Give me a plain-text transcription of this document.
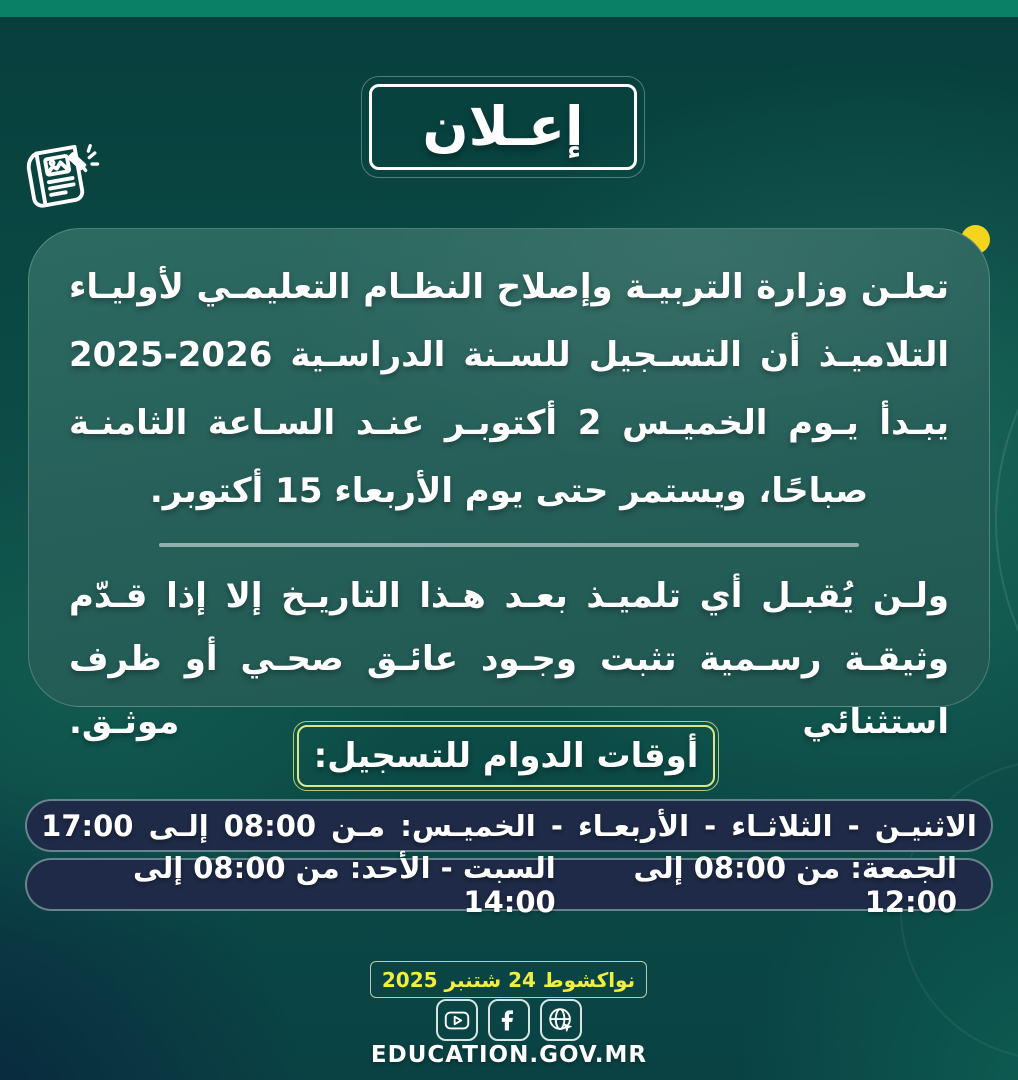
إعـلان

تعلـن وزارة التربيـة وإصلاح النظـام التعليمـي لأوليـاء التلاميـذ أن التسـجيل للسـنة الدراسـية 2026-2025 يبـدأ يـوم الخميـس 2 أكتوبـر عنـد السـاعة الثامنـة صباحًا، ويستمر حتى يوم الأربعاء 15 أكتوبر.

ولـن يُقبـل أي تلميـذ بعـد هـذا التاريـخ إلا إذا قـدّم وثيقـة رسـمية تثبت وجـود عائـق صحـي أو ظرف استثنائي موثـق.

أوقات الدوام للتسجيل:
الاثنيـن - الثلاثـاء - الأربعـاء - الخميـس: مـن 08:00 إلـى 17:00
الجمعة: من 08:00 إلى 12:00
السبت - الأحد: من 08:00 إلى 14:00
نواكشوط 24 شتنبر 2025
EDUCATION.GOV.MR
